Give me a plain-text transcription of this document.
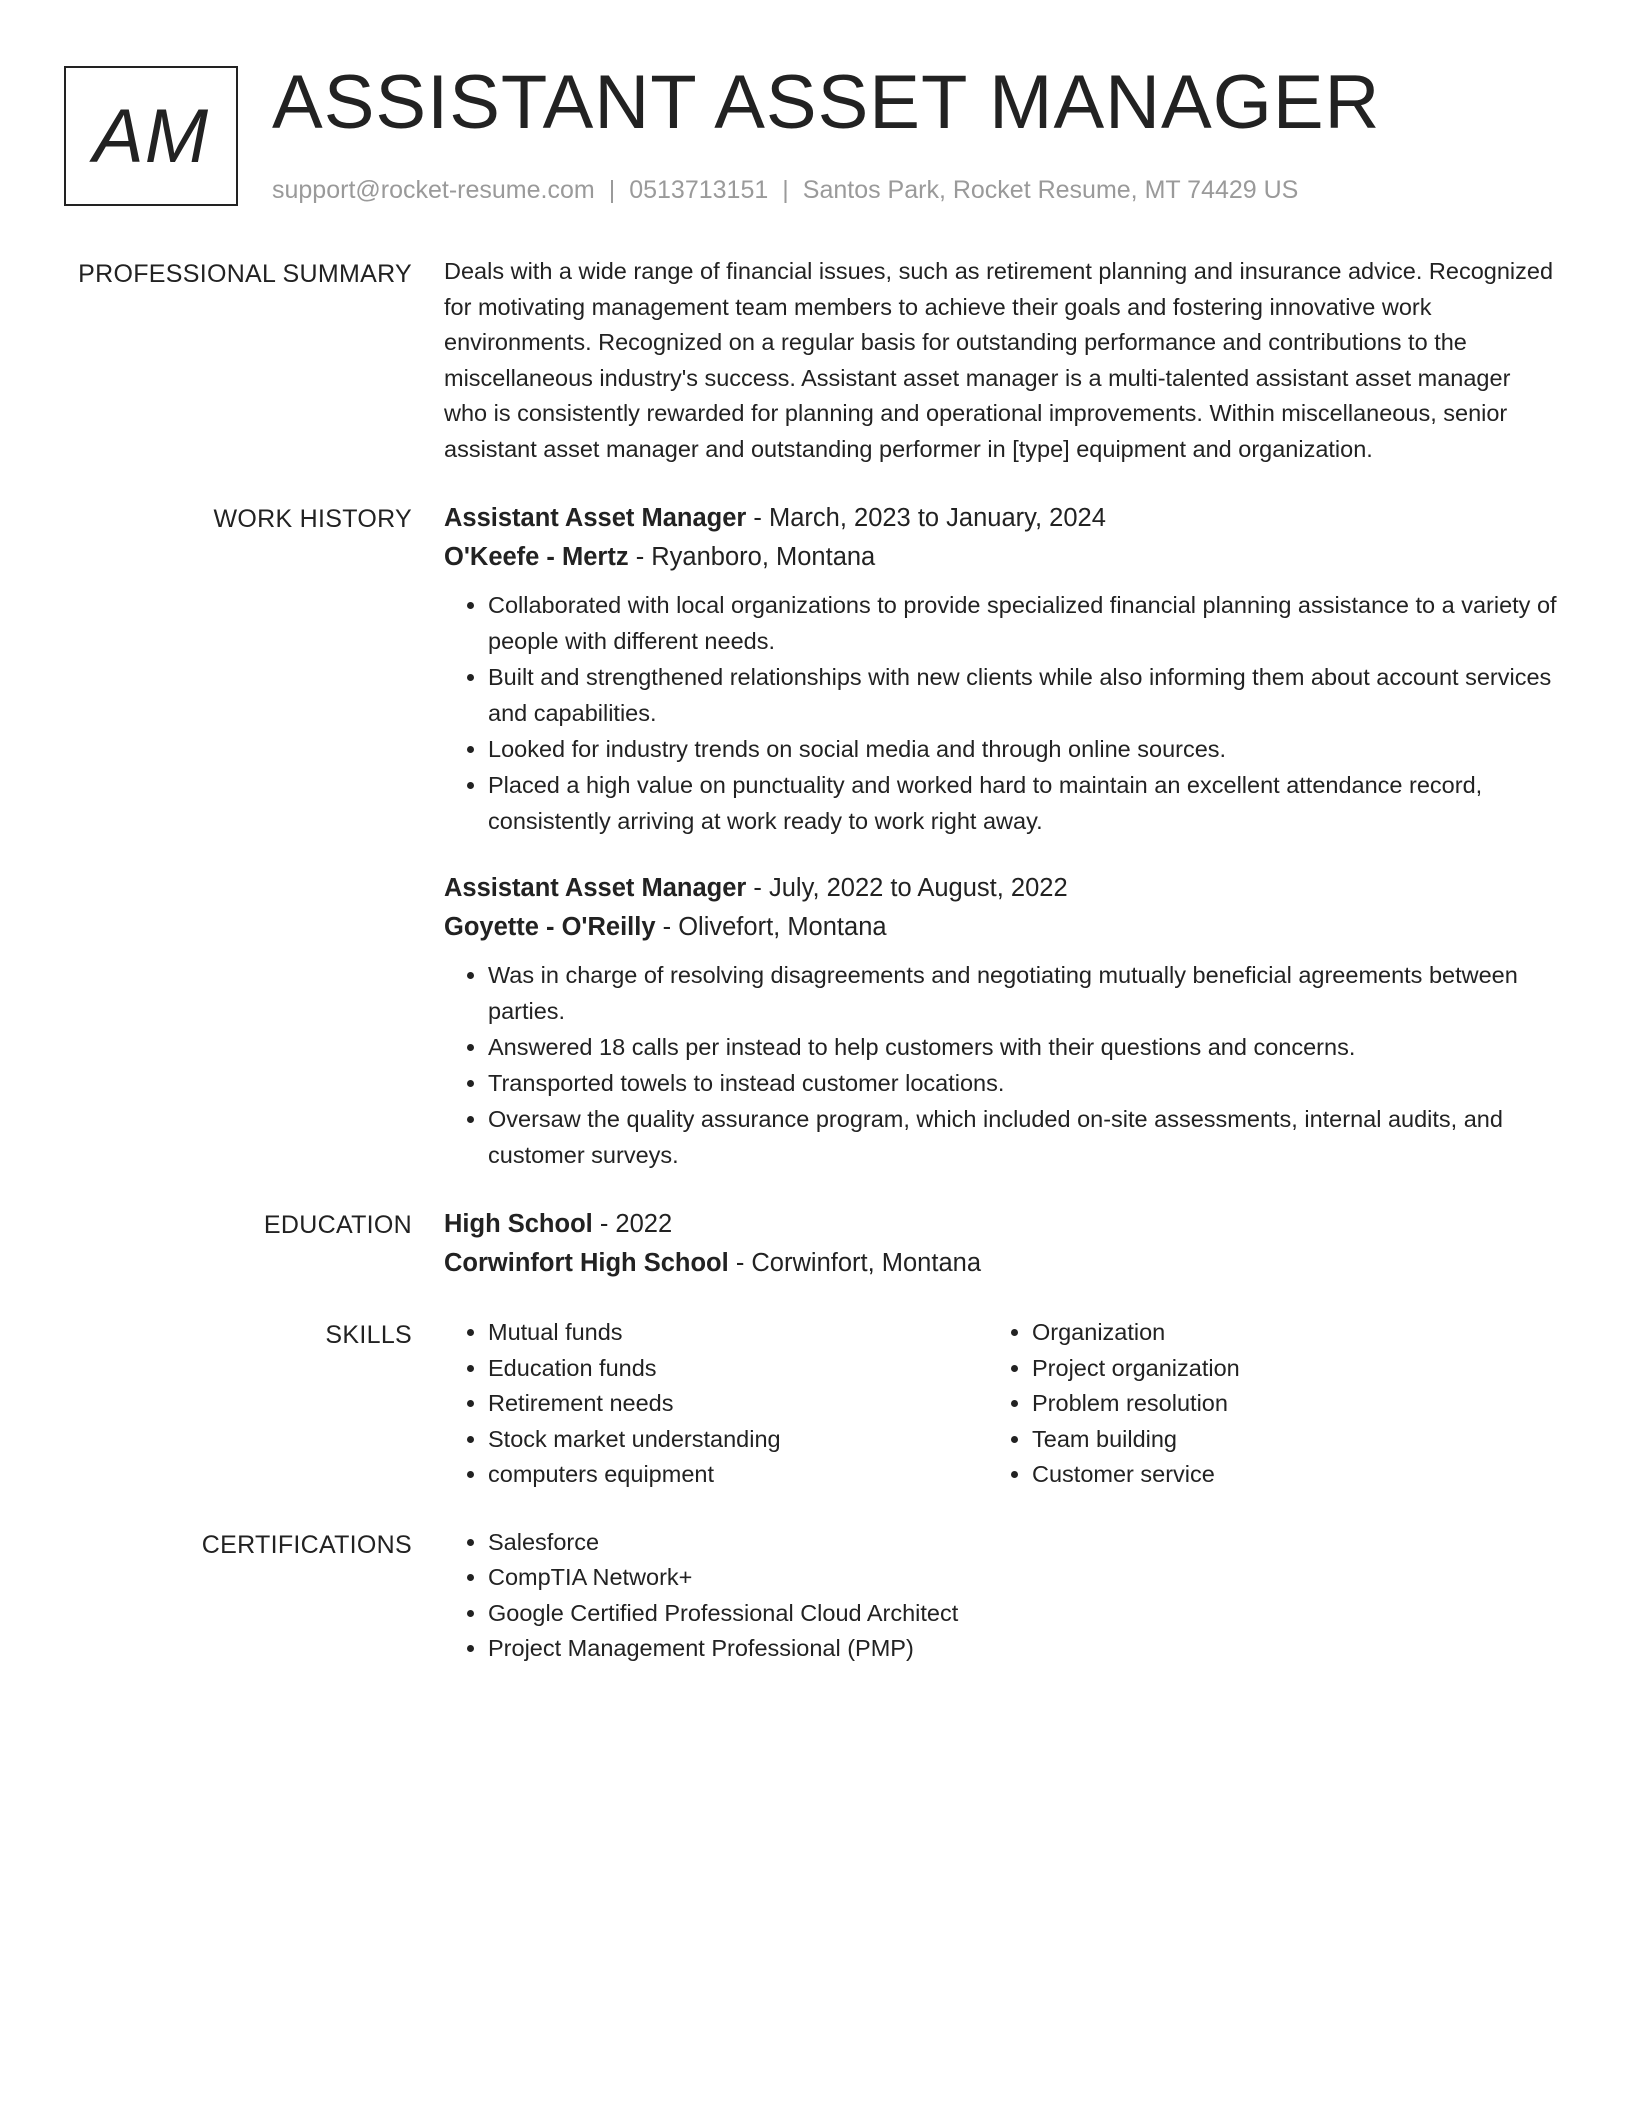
AM ASSISTANT ASSET MANAGER
support@rocket-resume.com | 0513713151 | Santos Park, Rocket Resume, MT 74429 US
PROFESSIONAL SUMMARY Deals with a wide range of financial issues, such as retirement planning and insurance advice. Recognized for motivating management team members to achieve their goals and fostering innovative work environments. Recognized on a regular basis for outstanding performance and contributions to the miscellaneous industry's success. Assistant asset manager is a multi-talented assistant asset manager who is consistently rewarded for planning and operational improvements. Within miscellaneous, senior assistant asset manager and outstanding performer in [type] equipment and organization.

WORK HISTORY Assistant Asset Manager - March, 2023 to January, 2024
O'Keefe - Mertz - Ryanboro, Montana
• Collaborated with local organizations to provide specialized financial planning assistance to a variety of people with different needs.
• Built and strengthened relationships with new clients while also informing them about account services and capabilities.
• Looked for industry trends on social media and through online sources.
• Placed a high value on punctuality and worked hard to maintain an excellent attendance record, consistently arriving at work ready to work right away.
Assistant Asset Manager - July, 2022 to August, 2022
Goyette - O'Reilly - Olivefort, Montana
• Was in charge of resolving disagreements and negotiating mutually beneficial agreements between parties.
• Answered 18 calls per instead to help customers with their questions and concerns.
• Transported towels to instead customer locations.
• Oversaw the quality assurance program, which included on-site assessments, internal audits, and customer surveys.
EDUCATION High School - 2022
Corwinfort High School - Corwinfort, Montana
SKILLS	• Mutual funds
• Education funds
• Retirement needs
• Stock market understanding
• computers equipment
• Organization
• Project organization
• Problem resolution
• Team building
• Customer service
CERTIFICATIONS	• Salesforce
• CompTIA Network+
• Google Certified Professional Cloud Architect
• Project Management Professional (PMP)
